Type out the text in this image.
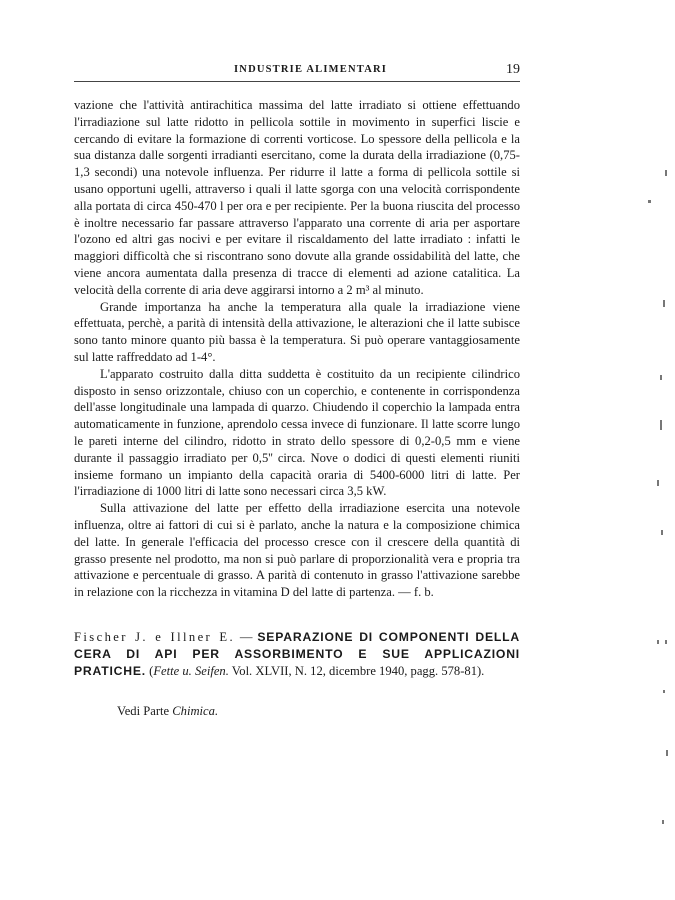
INDUSTRIE ALIMENTARI	19

vazione che l'attività antirachitica massima del latte irradiato si ottiene effettuando l'irradiazione sul latte ridotto in pellicola sottile in movimento in superfici liscie e cercando di evitare la formazione di correnti vorticose. Lo spessore della pellicola e la sua distanza dalle sorgenti irradianti esercitano, come la durata della irradiazione (0,75-1,3 secondi) una notevole influenza. Per ridurre il latte a forma di pellicola sottile si usano opportuni ugelli, attraverso i quali il latte sgorga con una velocità corrispondente alla portata di circa 450-470 l per ora e per recipiente. Per la buona riuscita del processo è inoltre necessario far passare attraverso l'apparato una corrente di aria per asportare l'ozono ed altri gas nocivi e per evitare il riscaldamento del latte irradiato : infatti le maggiori difficoltà che si riscontrano sono dovute alla grande ossidabilità del latte, che viene ancora aumentata dalla presenza di tracce di elementi ad azione catalitica. La velocità della corrente di aria deve aggirarsi intorno a 2 m³ al minuto.

Grande importanza ha anche la temperatura alla quale la irradiazione viene effettuata, perchè, a parità di intensità della attivazione, le alterazioni che il latte subisce sono tanto minore quanto più bassa è la temperatura. Si può operare vantaggiosamente sul latte raffreddato ad 1-4°.

L'apparato costruito dalla ditta suddetta è costituito da un recipiente cilindrico disposto in senso orizzontale, chiuso con un coperchio, e contenente in corrispondenza dell'asse longitudinale una lampada di quarzo. Chiudendo il coperchio la lampada entra automaticamente in funzione, aprendolo cessa invece di funzionare. Il latte scorre lungo le pareti interne del cilindro, ridotto in strato dello spessore di 0,2-0,5 mm e viene durante il passaggio irradiato per 0,5'' circa. Nove o dodici di questi elementi riuniti insieme formano un impianto della capacità oraria di 5400-6000 litri di latte. Per l'irradiazione di 1000 litri di latte sono necessari circa 3,5 kW.

Sulla attivazione del latte per effetto della irradiazione esercita una notevole influenza, oltre ai fattori di cui si è parlato, anche la natura e la composizione chimica del latte. In generale l'efficacia del processo cresce con il crescere della quantità di grasso presente nel prodotto, ma non si può parlare di proporzionalità vera e propria tra attivazione e percentuale di grasso. A parità di contenuto in grasso l'attivazione sarebbe in relazione con la ricchezza in vitamina D del latte di partenza. — f. b.

Fischer J. e Illner E. — SEPARAZIONE DI COMPONENTI DELLA CERA DI API PER ASSORBIMENTO E SUE APPLICAZIONI PRATICHE. (Fette u. Seifen. Vol. XLVII, N. 12, dicembre 1940, pagg. 578-81).
Vedi Parte Chimica.
